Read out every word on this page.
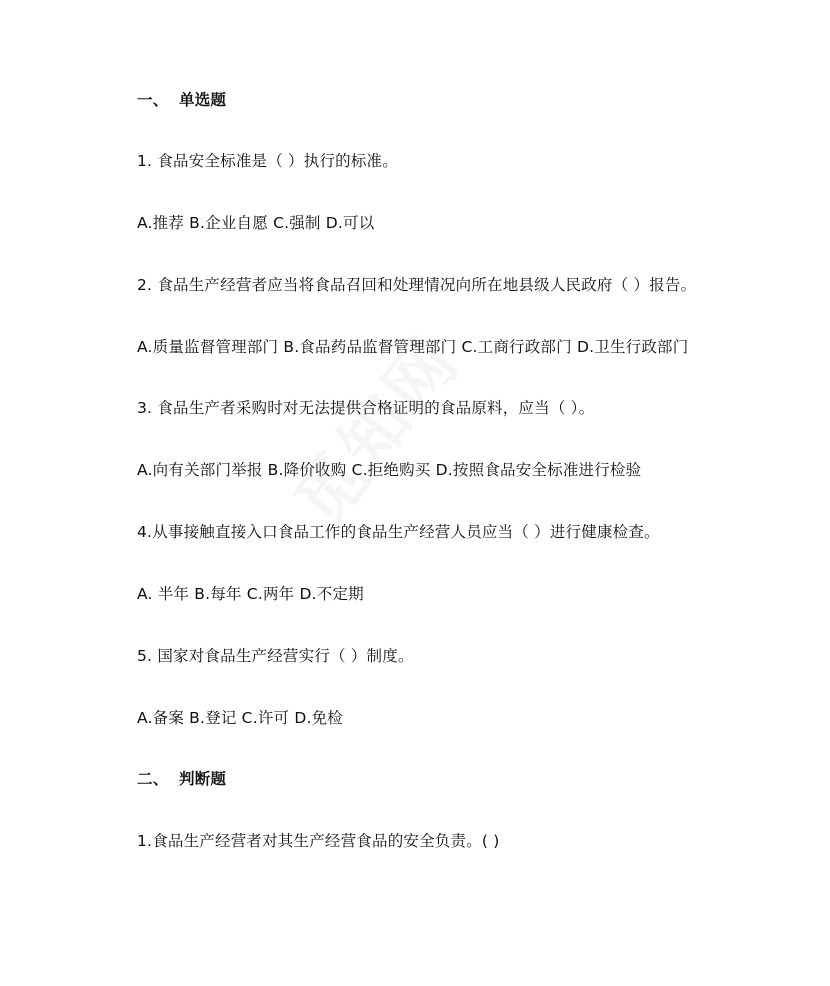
一、 单选题
1. 食品安全标准是（ ）执行的标准。
A.推荐 B.企业自愿 C.强制 D.可以
2. 食品生产经营者应当将食品召回和处理情况向所在地县级人民政府（ ）报告。
A.质量监督管理部门 B.食品药品监督管理部门 C.工商行政部门 D.卫生行政部门
3. 食品生产者采购时对无法提供合格证明的食品原料，应当（ ）。
A.向有关部门举报 B.降价收购 C.拒绝购买 D.按照食品安全标准进行检验
4.从事接触直接入口食品工作的食品生产经营人员应当（ ）进行健康检查。
A. 半年 B.每年 C.两年 D.不定期
5. 国家对食品生产经营实行（ ）制度。
A.备案 B.登记 C.许可 D.免检
二、 判断题
1.食品生产经营者对其生产经营食品的安全负责。( )
